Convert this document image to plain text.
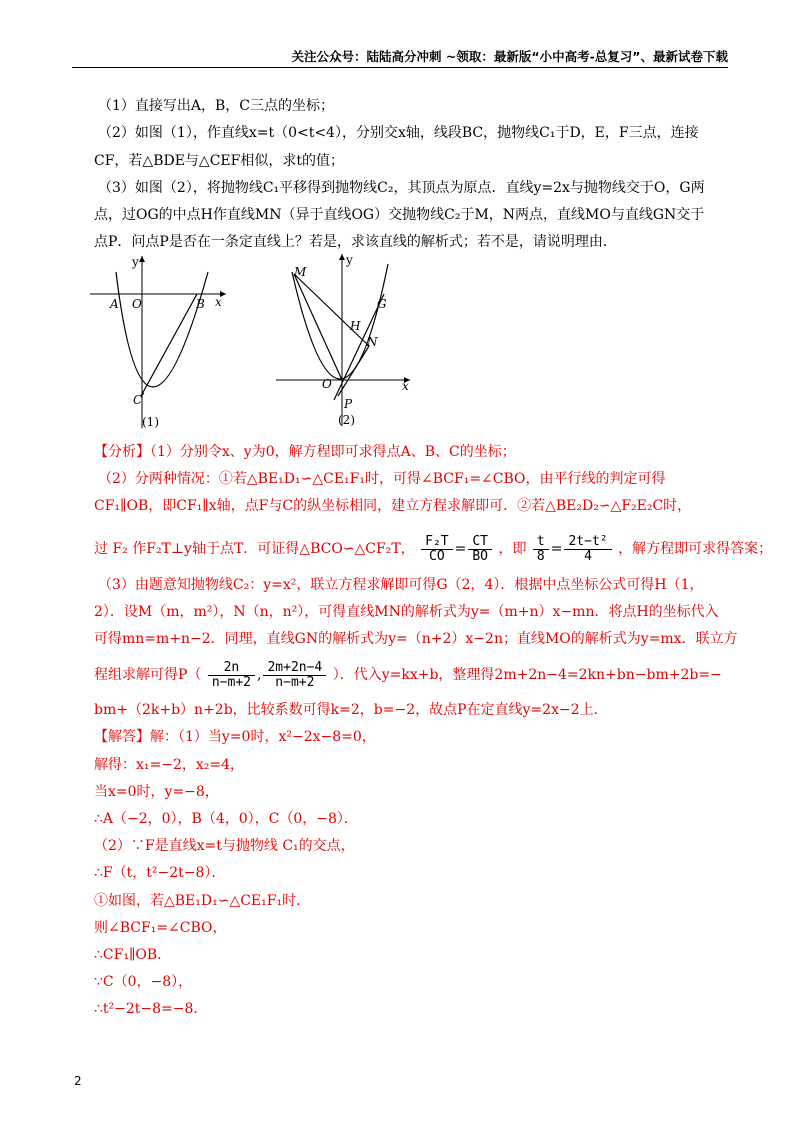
关注公众号：陆陆高分冲刺 ~领取：最新版“小中高考-总复习”、最新试卷下载
（1）直接写出A，B，C三点的坐标；
（2）如图（1），作直线x=t（0<t<4），分别交x轴，线段BC，抛物线C₁于D，E，F三点，连接
CF，若△BDE与△CEF相似，求t的值；
（3）如图（2），将抛物线C₁平移得到抛物线C₂，其顶点为原点．直线y=2x与抛物线交于O，G两
点，过OG的中点H作直线MN（异于直线OG）交抛物线C₂于M，N两点，直线MO与直线GN交于
点P．问点P是否在一条定直线上？若是，求该直线的解析式；若不是，请说明理由．
y
A O	B x
C
(1)
y
M
G
H
N
O
P
x
(2)
【分析】（1）分别令x、y为0，解方程即可求得点A、B、C的坐标；
（2）分两种情况：①若△BE₁D₁∽△CE₁F₁时，可得∠BCF₁=∠CBO，由平行线的判定可得
CF₁∥OB，即CF₁∥x轴，点F与C的纵坐标相同，建立方程求解即可．②若△BE₂D₂∽△F₂E₂C时，
过 F₂ 作F₂T⊥y轴于点T．可证得△BCO∽△CF₂T， $\frac{\text{F₂T}}{CO} = \frac{CT}{BO}$ ，即 $\frac{t}{8} = \frac{\text{2t−t²}}{4}$ ，解方程即可求得答案；
（3）由题意知抛物线C₂：y=x²，联立方程求解即可得G（2，4）．根据中点坐标公式可得H（1，
2）．设M（m，m²），N（n，n²），可得直线MN的解析式为y=（m+n）x−mn．将点H的坐标代入
可得mn=m+n−2．同理，直线GN的解析式为y=（n+2）x−2n；直线MO的解析式为y=mx．联立方
程组求解可得$P( \frac{2n}{n-m+2}$ , $\frac{2m+2n-4}{n-m+2}$ ）．代入y=kx+b，整理得2m+2n−4=2kn+bn−bm+2b=−
bm+（2k+b）n+2b，比较系数可得k=2，b=−2，故点P在定直线y=2x−2上．
【解答】解：（1）当y=0时，x²−2x−8=0，
解得：x₁=−2，x₂=4，
当x=0时，y=−8，
∴A（−2，0），B（4，0），C（0，−8）．
（2）∵F是直线x=t与抛物线 C₁的交点，
∴F（t，t²−2t−8）．
①如图，若△BE₁D₁∽△CE₁F₁时．
则∠BCF₁=∠CBO，
∴CF₁∥OB．
∵C（0，−8），
∴t²−2t−8=−8．
2
